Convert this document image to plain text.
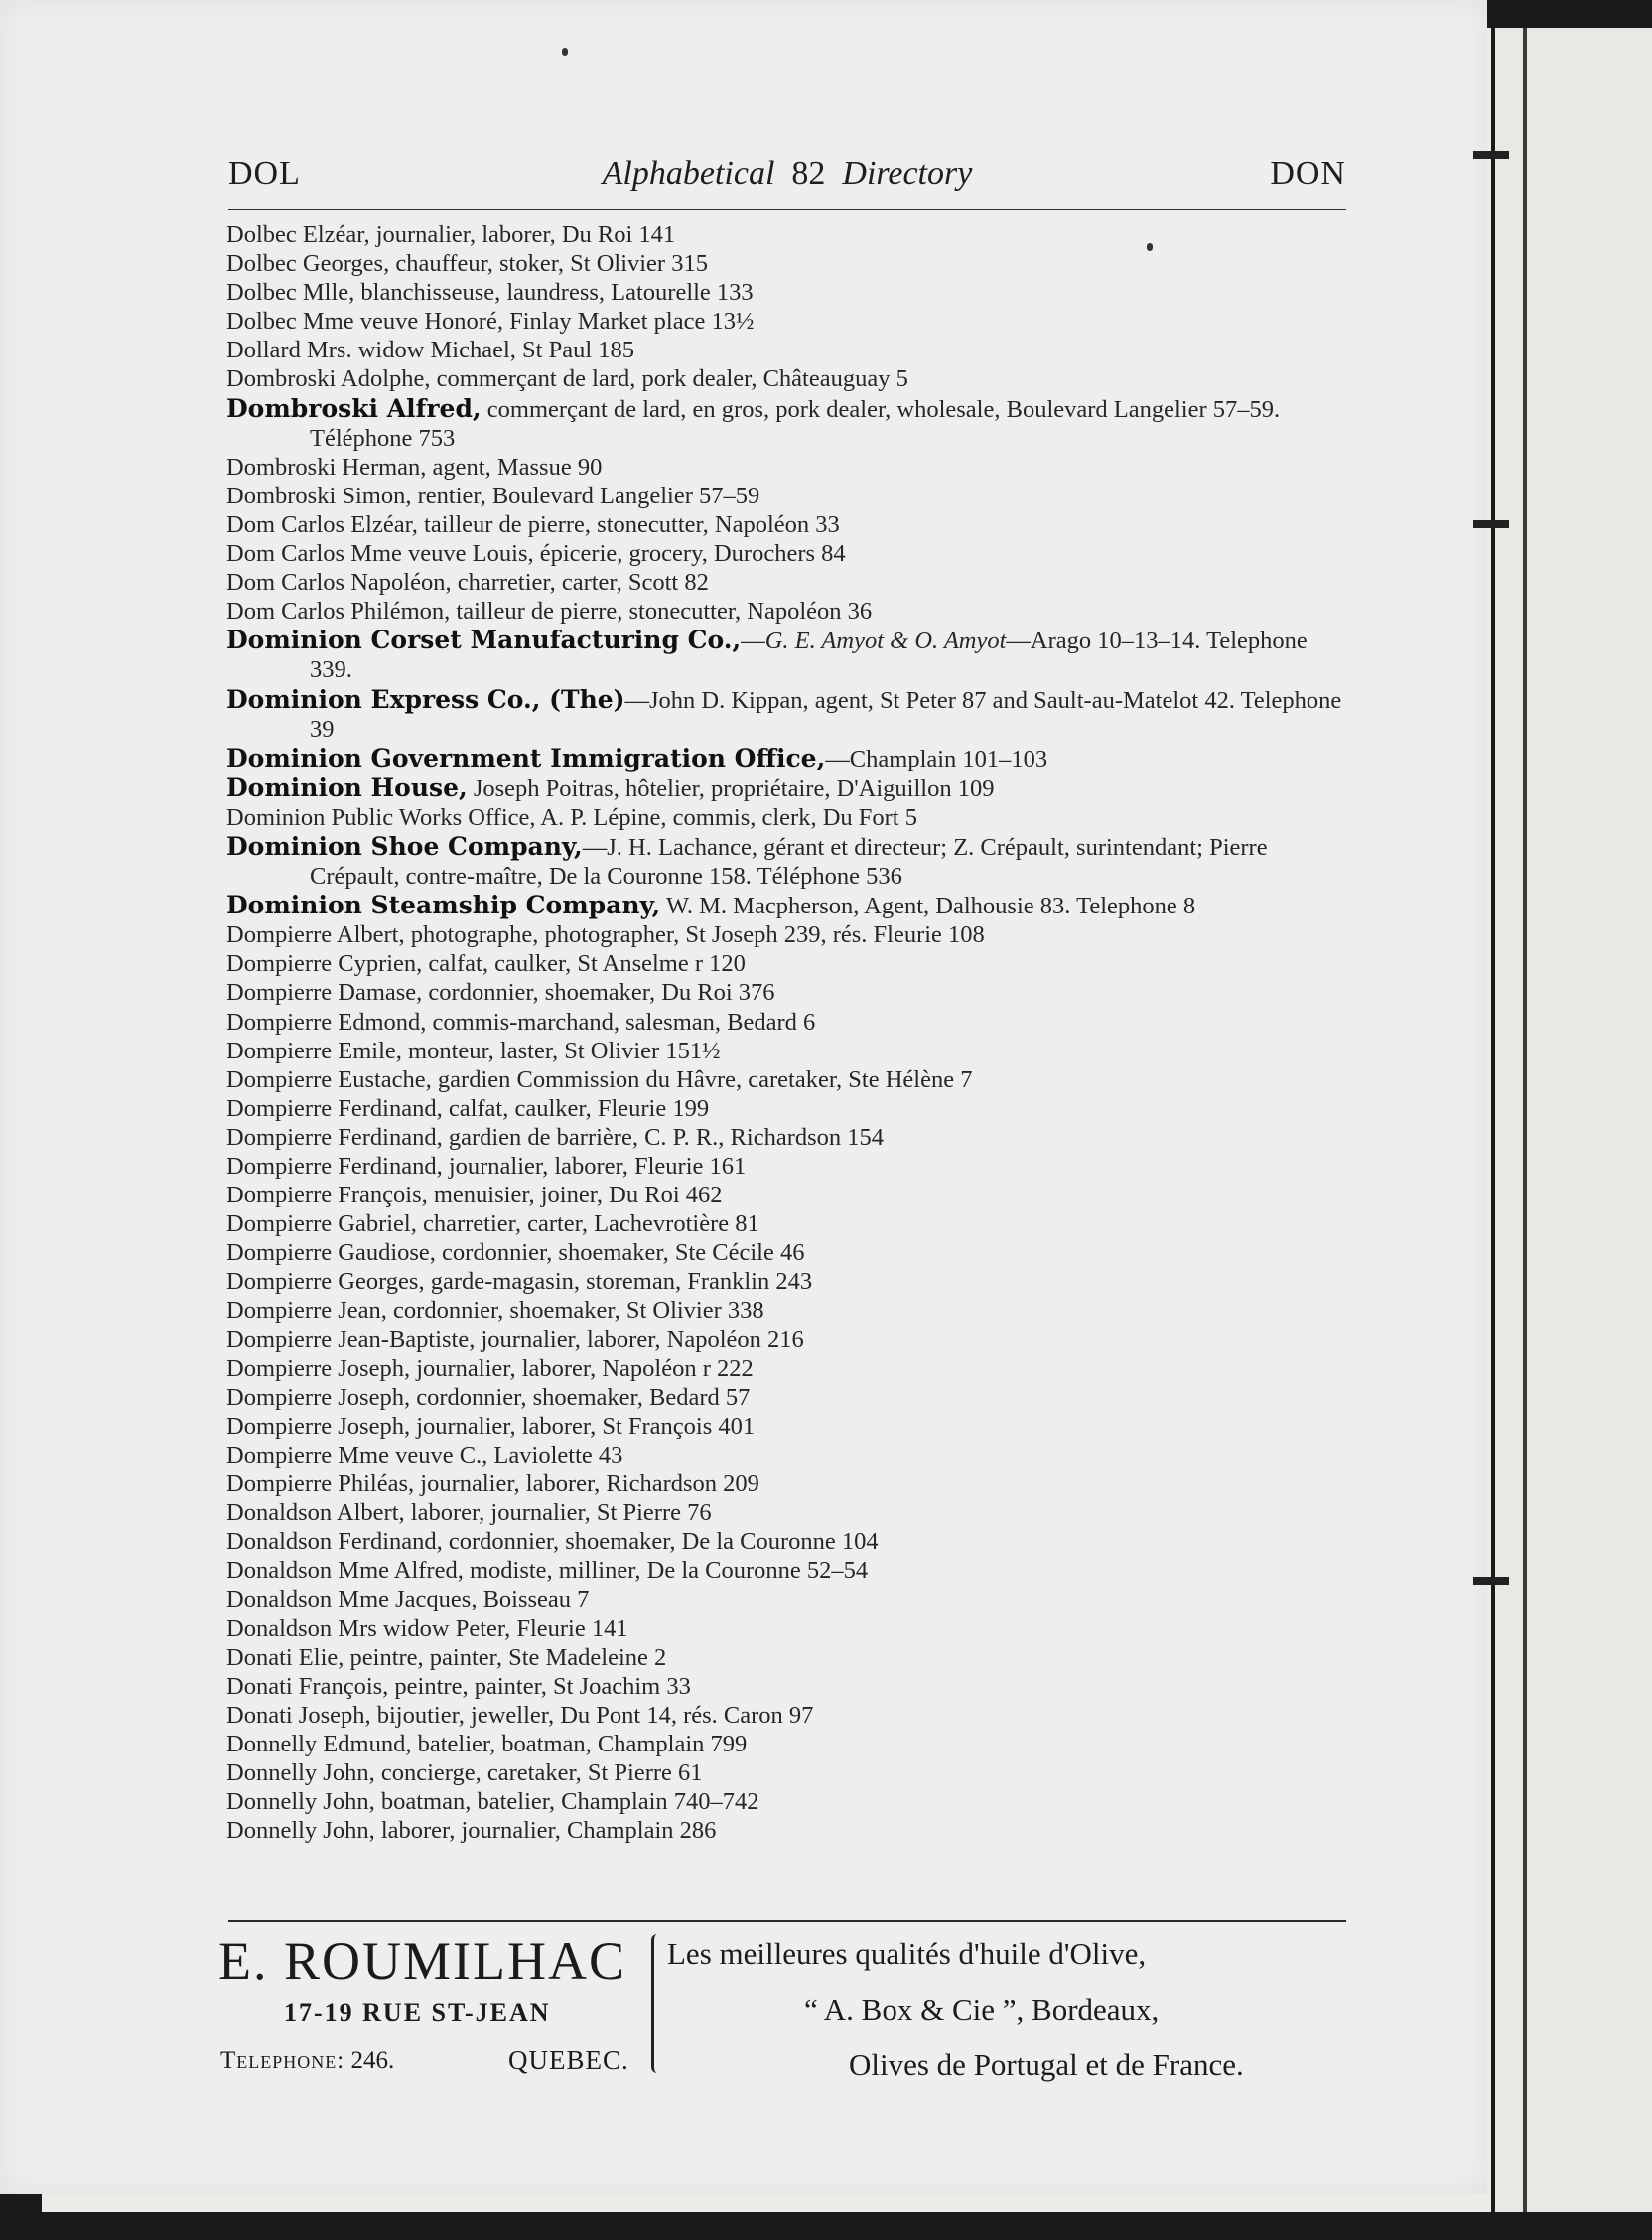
DOL	Alphabetical 82 Directory	DON
Dolbec Elzéar, journalier, laborer, Du Roi 141
Dolbec Georges, chauffeur, stoker, St Olivier 315
Dolbec Mlle, blanchisseuse, laundress, Latourelle 133
Dolbec Mme veuve Honoré, Finlay Market place 13½
Dollard Mrs. widow Michael, St Paul 185
Dombroski Adolphe, commerçant de lard, pork dealer, Châteauguay 5
Dombroski Alfred, commerçant de lard, en gros, pork dealer, wholesale, Boulevard Langelier 57–59. Téléphone 753
Dombroski Herman, agent, Massue 90
Dombroski Simon, rentier, Boulevard Langelier 57–59
Dom Carlos Elzéar, tailleur de pierre, stonecutter, Napoléon 33
Dom Carlos Mme veuve Louis, épicerie, grocery, Durochers 84
Dom Carlos Napoléon, charretier, carter, Scott 82
Dom Carlos Philémon, tailleur de pierre, stonecutter, Napoléon 36
Dominion Corset Manufacturing Co.,—G. E. Amyot & O. Amyot—Arago 10–13–14. Telephone 339.
Dominion Express Co., (The)—John D. Kippan, agent, St Peter 87 and Sault-au-Matelot 42. Telephone 39
Dominion Government Immigration Office,—Champlain 101–103
Dominion House, Joseph Poitras, hôtelier, propriétaire, D'Aiguillon 109
Dominion Public Works Office, A. P. Lépine, commis, clerk, Du Fort 5
Dominion Shoe Company,—J. H. Lachance, gérant et directeur; Z. Crépault, surintendant; Pierre Crépault, contre-maître, De la Couronne 158. Téléphone 536
Dominion Steamship Company, W. M. Macpherson, Agent, Dalhousie 83. Telephone 8
Dompierre Albert, photographe, photographer, St Joseph 239, rés. Fleurie 108
Dompierre Cyprien, calfat, caulker, St Anselme r 120
Dompierre Damase, cordonnier, shoemaker, Du Roi 376
Dompierre Edmond, commis-marchand, salesman, Bedard 6
Dompierre Emile, monteur, laster, St Olivier 151½
Dompierre Eustache, gardien Commission du Hâvre, caretaker, Ste Hélène 7
Dompierre Ferdinand, calfat, caulker, Fleurie 199
Dompierre Ferdinand, gardien de barrière, C. P. R., Richardson 154
Dompierre Ferdinand, journalier, laborer, Fleurie 161
Dompierre François, menuisier, joiner, Du Roi 462
Dompierre Gabriel, charretier, carter, Lachevrotière 81
Dompierre Gaudiose, cordonnier, shoemaker, Ste Cécile 46
Dompierre Georges, garde-magasin, storeman, Franklin 243
Dompierre Jean, cordonnier, shoemaker, St Olivier 338
Dompierre Jean-Baptiste, journalier, laborer, Napoléon 216
Dompierre Joseph, journalier, laborer, Napoléon r 222
Dompierre Joseph, cordonnier, shoemaker, Bedard 57
Dompierre Joseph, journalier, laborer, St François 401
Dompierre Mme veuve C., Laviolette 43
Dompierre Philéas, journalier, laborer, Richardson 209
Donaldson Albert, laborer, journalier, St Pierre 76
Donaldson Ferdinand, cordonnier, shoemaker, De la Couronne 104
Donaldson Mme Alfred, modiste, milliner, De la Couronne 52–54
Donaldson Mme Jacques, Boisseau 7
Donaldson Mrs widow Peter, Fleurie 141
Donati Elie, peintre, painter, Ste Madeleine 2
Donati François, peintre, painter, St Joachim 33
Donati Joseph, bijoutier, jeweller, Du Pont 14, rés. Caron 97
Donnelly Edmund, batelier, boatman, Champlain 799
Donnelly John, concierge, caretaker, St Pierre 61
Donnelly John, boatman, batelier, Champlain 740–742
Donnelly John, laborer, journalier, Champlain 286
E. ROUMILHAC
17-19 RUE ST-JEAN
Telephone: 246.	QUEBEC.
Les meilleures qualités d'huile d'Olive,
“ A. Box & Cie ”, Bordeaux,
Olives de Portugal et de France.
